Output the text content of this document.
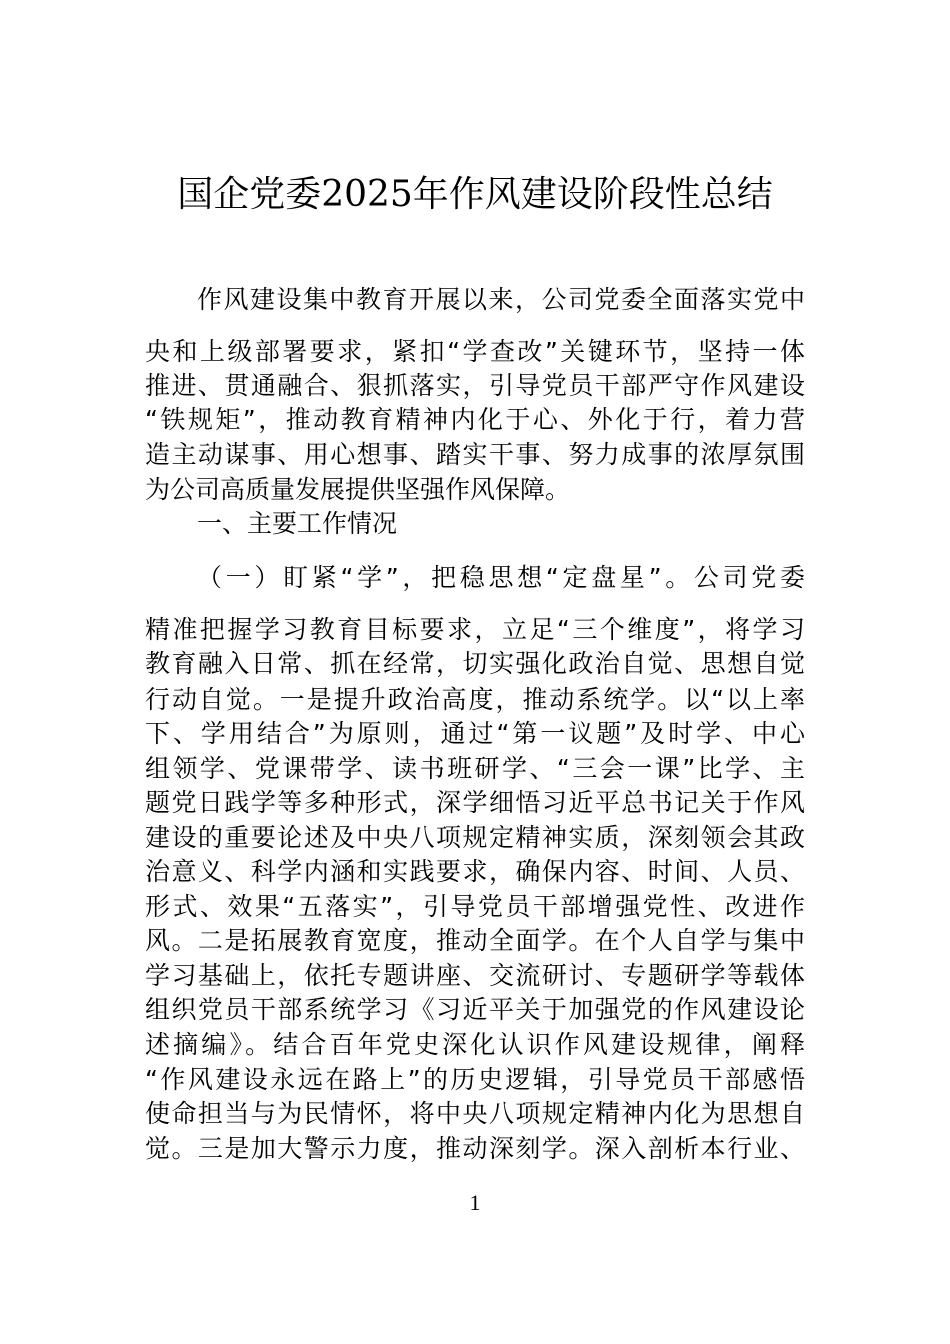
国企党委2025年作风建设阶段性总结
作风建设集中教育开展以来，公司党委全面落实党中
央和上级部署要求，紧扣“学查改”关键环节，坚持一体
推进、贯通融合、狠抓落实，引导党员干部严守作风建设
“铁规矩”，推动教育精神内化于心、外化于行，着力营
造主动谋事、用心想事、踏实干事、努力成事的浓厚氛围
为公司高质量发展提供坚强作风保障。
一、主要工作情况
（一）盯紧“学”，把稳思想“定盘星”。公司党委
精准把握学习教育目标要求，立足“三个维度”，将学习
教育融入日常、抓在经常，切实强化政治自觉、思想自觉
行动自觉。一是提升政治高度，推动系统学。以“以上率
下、学用结合”为原则，通过“第一议题”及时学、中心
组领学、党课带学、读书班研学、“三会一课”比学、主
题党日践学等多种形式，深学细悟习近平总书记关于作风
建设的重要论述及中央八项规定精神实质，深刻领会其政
治意义、科学内涵和实践要求，确保内容、时间、人员、
形式、效果“五落实”，引导党员干部增强党性、改进作
风。二是拓展教育宽度，推动全面学。在个人自学与集中
学习基础上，依托专题讲座、交流研讨、专题研学等载体
组织党员干部系统学习《习近平关于加强党的作风建设论
述摘编》。结合百年党史深化认识作风建设规律，阐释
“作风建设永远在路上”的历史逻辑，引导党员干部感悟
使命担当与为民情怀，将中央八项规定精神内化为思想自
觉。三是加大警示力度，推动深刻学。深入剖析本行业、
1
